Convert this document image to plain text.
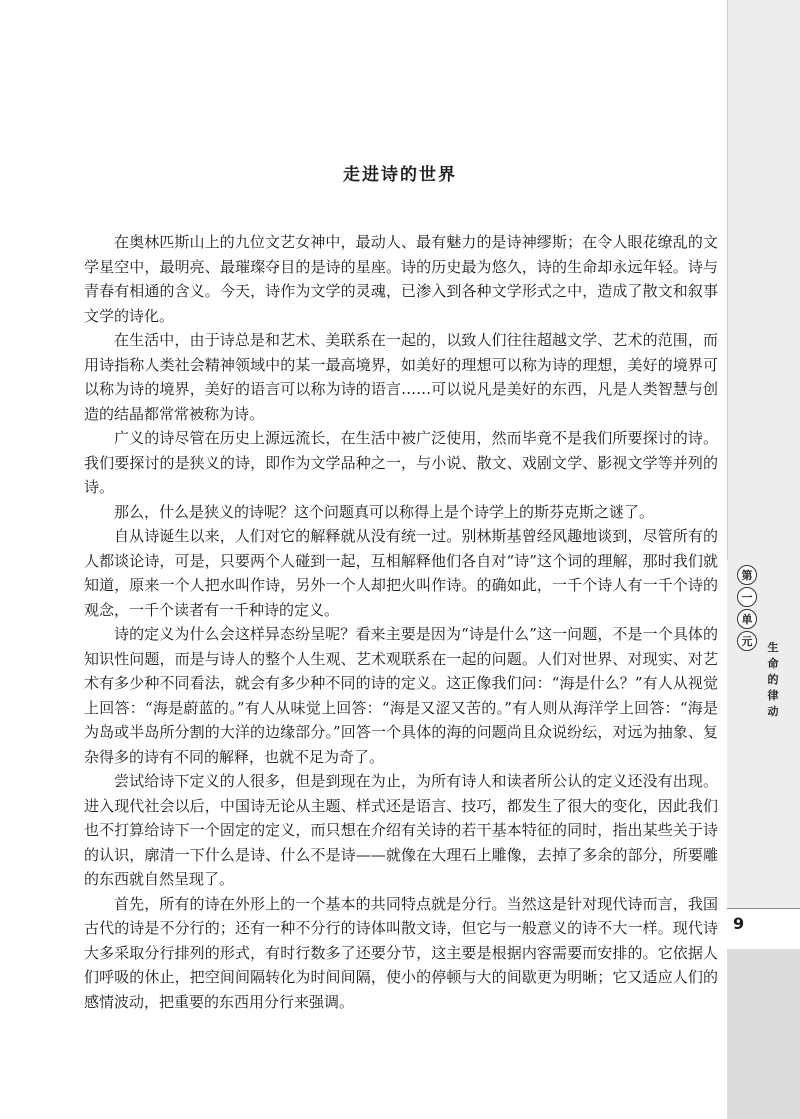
第
一
单
元	生命的律动
9
走进诗的世界

在奥林匹斯山上的九位文艺女神中，最动人、最有魅力的是诗神缪斯；在令人眼花缭乱的文学星空中，最明亮、最璀璨夺目的是诗的星座。诗的历史最为悠久，诗的生命却永远年轻。诗与青春有相通的含义。今天，诗作为文学的灵魂，已渗入到各种文学形式之中，造成了散文和叙事文学的诗化。

在生活中，由于诗总是和艺术、美联系在一起的，以致人们往往超越文学、艺术的范围，而用诗指称人类社会精神领域中的某一最高境界，如美好的理想可以称为诗的理想，美好的境界可以称为诗的境界，美好的语言可以称为诗的语言……可以说凡是美好的东西，凡是人类智慧与创造的结晶都常常被称为诗。

广义的诗尽管在历史上源远流长，在生活中被广泛使用，然而毕竟不是我们所要探讨的诗。我们要探讨的是狭义的诗，即作为文学品种之一，与小说、散文、戏剧文学、影视文学等并列的诗。

那么，什么是狭义的诗呢？这个问题真可以称得上是个诗学上的斯芬克斯之谜了。

自从诗诞生以来，人们对它的解释就从没有统一过。别林斯基曾经风趣地谈到，尽管所有的人都谈论诗，可是，只要两个人碰到一起，互相解释他们各自对“诗”这个词的理解，那时我们就知道，原来一个人把水叫作诗，另外一个人却把火叫作诗。的确如此，一千个诗人有一千个诗的观念，一千个读者有一千种诗的定义。

诗的定义为什么会这样异态纷呈呢？看来主要是因为“诗是什么”这一问题，不是一个具体的知识性问题，而是与诗人的整个人生观、艺术观联系在一起的问题。人们对世界、对现实、对艺术有多少种不同看法，就会有多少种不同的诗的定义。这正像我们问：“海是什么？”有人从视觉上回答：“海是蔚蓝的。”有人从味觉上回答：“海是又涩又苦的。”有人则从海洋学上回答：“海是为岛或半岛所分割的大洋的边缘部分。”回答一个具体的海的问题尚且众说纷纭，对远为抽象、复杂得多的诗有不同的解释，也就不足为奇了。

尝试给诗下定义的人很多，但是到现在为止，为所有诗人和读者所公认的定义还没有出现。进入现代社会以后，中国诗无论从主题、样式还是语言、技巧，都发生了很大的变化，因此我们也不打算给诗下一个固定的定义，而只想在介绍有关诗的若干基本特征的同时，指出某些关于诗的认识，廓清一下什么是诗、什么不是诗——就像在大理石上雕像，去掉了多余的部分，所要雕的东西就自然呈现了。

首先，所有的诗在外形上的一个基本的共同特点就是分行。当然这是针对现代诗而言，我国古代的诗是不分行的；还有一种不分行的诗体叫散文诗，但它与一般意义的诗不大一样。现代诗大多采取分行排列的形式，有时行数多了还要分节，这主要是根据内容需要而安排的。它依据人们呼吸的休止，把空间间隔转化为时间间隔，使小的停顿与大的间歇更为明晰；它又适应人们的感情波动，把重要的东西用分行来强调。
